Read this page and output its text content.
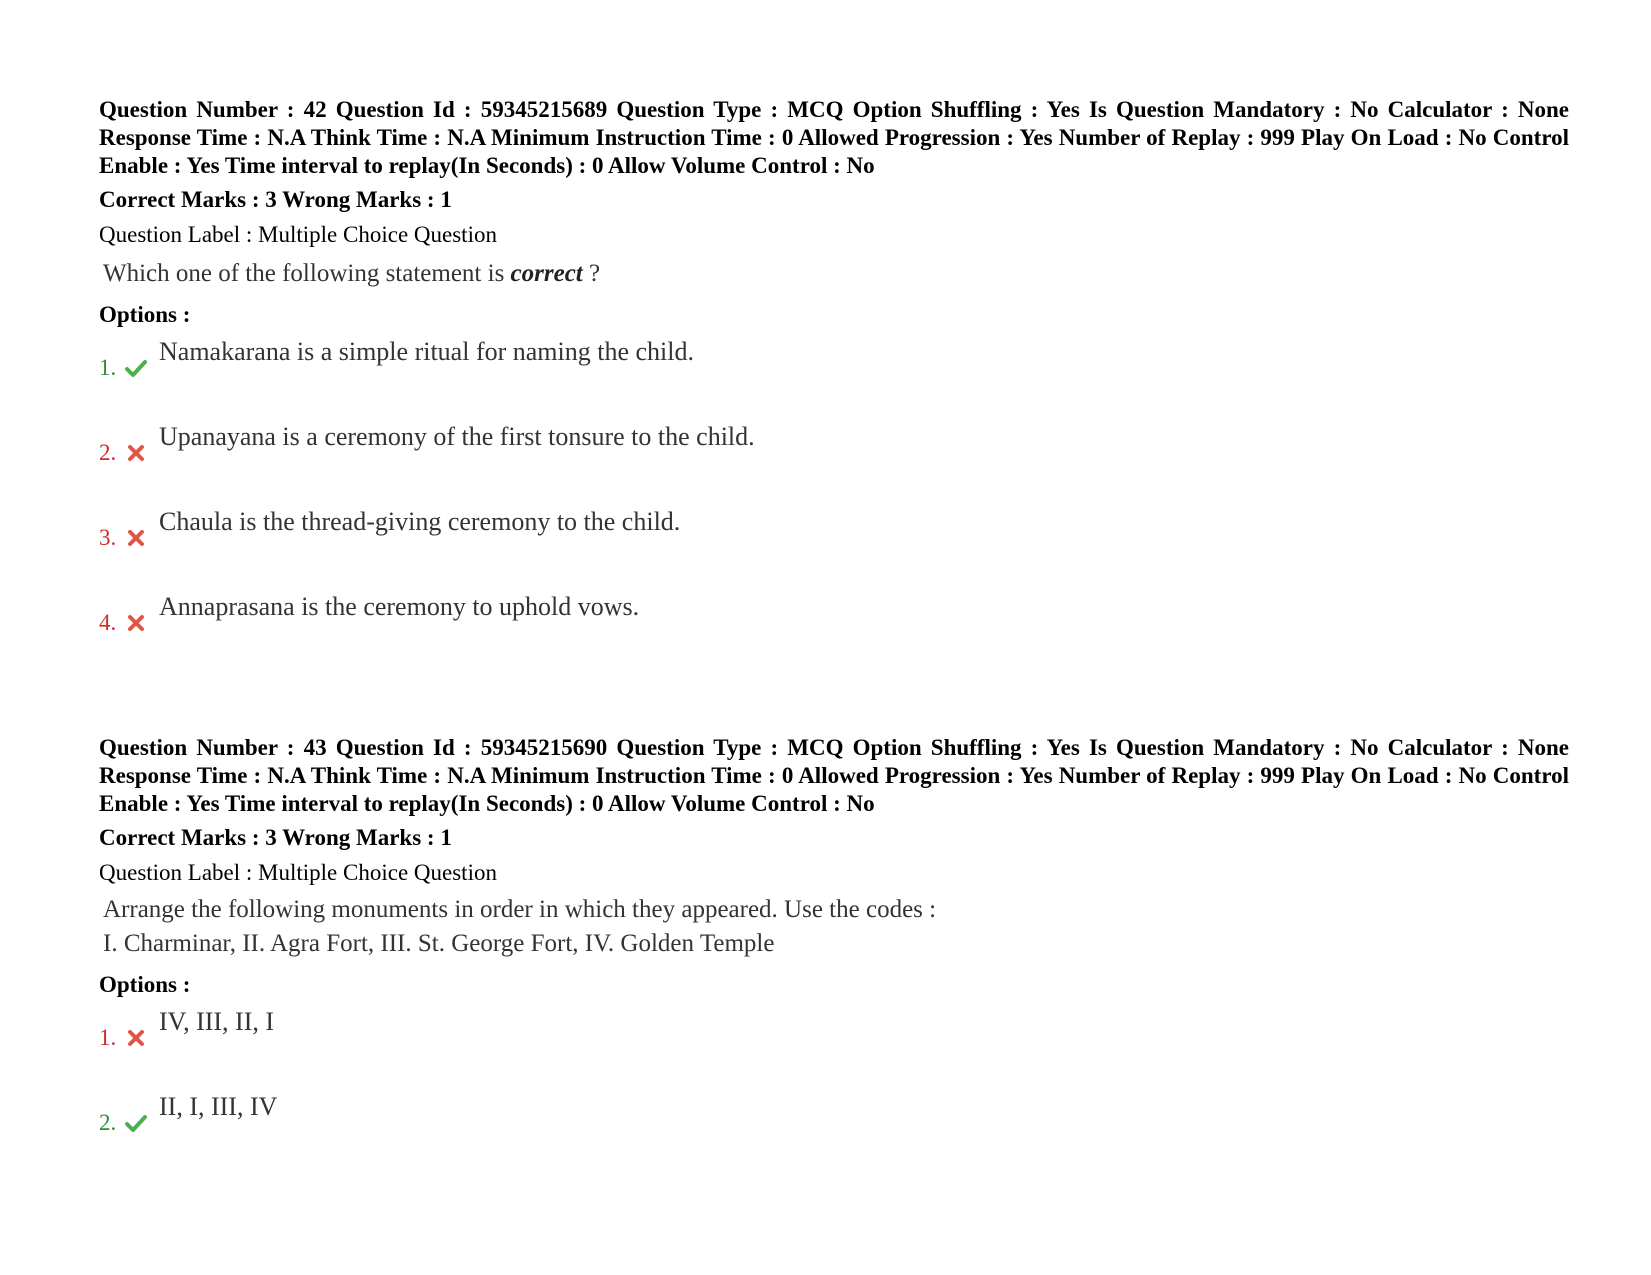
Question Number : 42 Question Id : 59345215689 Question Type : MCQ Option Shuffling : Yes Is Question Mandatory : No Calculator : None Response Time : N.A Think Time : N.A Minimum Instruction Time : 0 Allowed Progression : Yes Number of Replay : 999 Play On Load : No Control Enable : Yes Time interval to replay(In Seconds) : 0 Allow Volume Control : No

Correct Marks : 3 Wrong Marks : 1

Question Label : Multiple Choice Question

Which one of the following statement is correct ?

Options :

1.
Namakarana is a simple ritual for naming the child.
2.
Upanayana is a ceremony of the first tonsure to the child.
3.
Chaula is the thread-giving ceremony to the child.
4.
Annaprasana is the ceremony to uphold vows.

Question Number : 43 Question Id : 59345215690 Question Type : MCQ Option Shuffling : Yes Is Question Mandatory : No Calculator : None Response Time : N.A Think Time : N.A Minimum Instruction Time : 0 Allowed Progression : Yes Number of Replay : 999 Play On Load : No Control Enable : Yes Time interval to replay(In Seconds) : 0 Allow Volume Control : No

Correct Marks : 3 Wrong Marks : 1

Question Label : Multiple Choice Question

Arrange the following monuments in order in which they appeared. Use the codes :
I. Charminar, II. Agra Fort, III. St. George Fort, IV. Golden Temple

Options :

1.
IV, III, II, I
2.
II, I, III, IV
